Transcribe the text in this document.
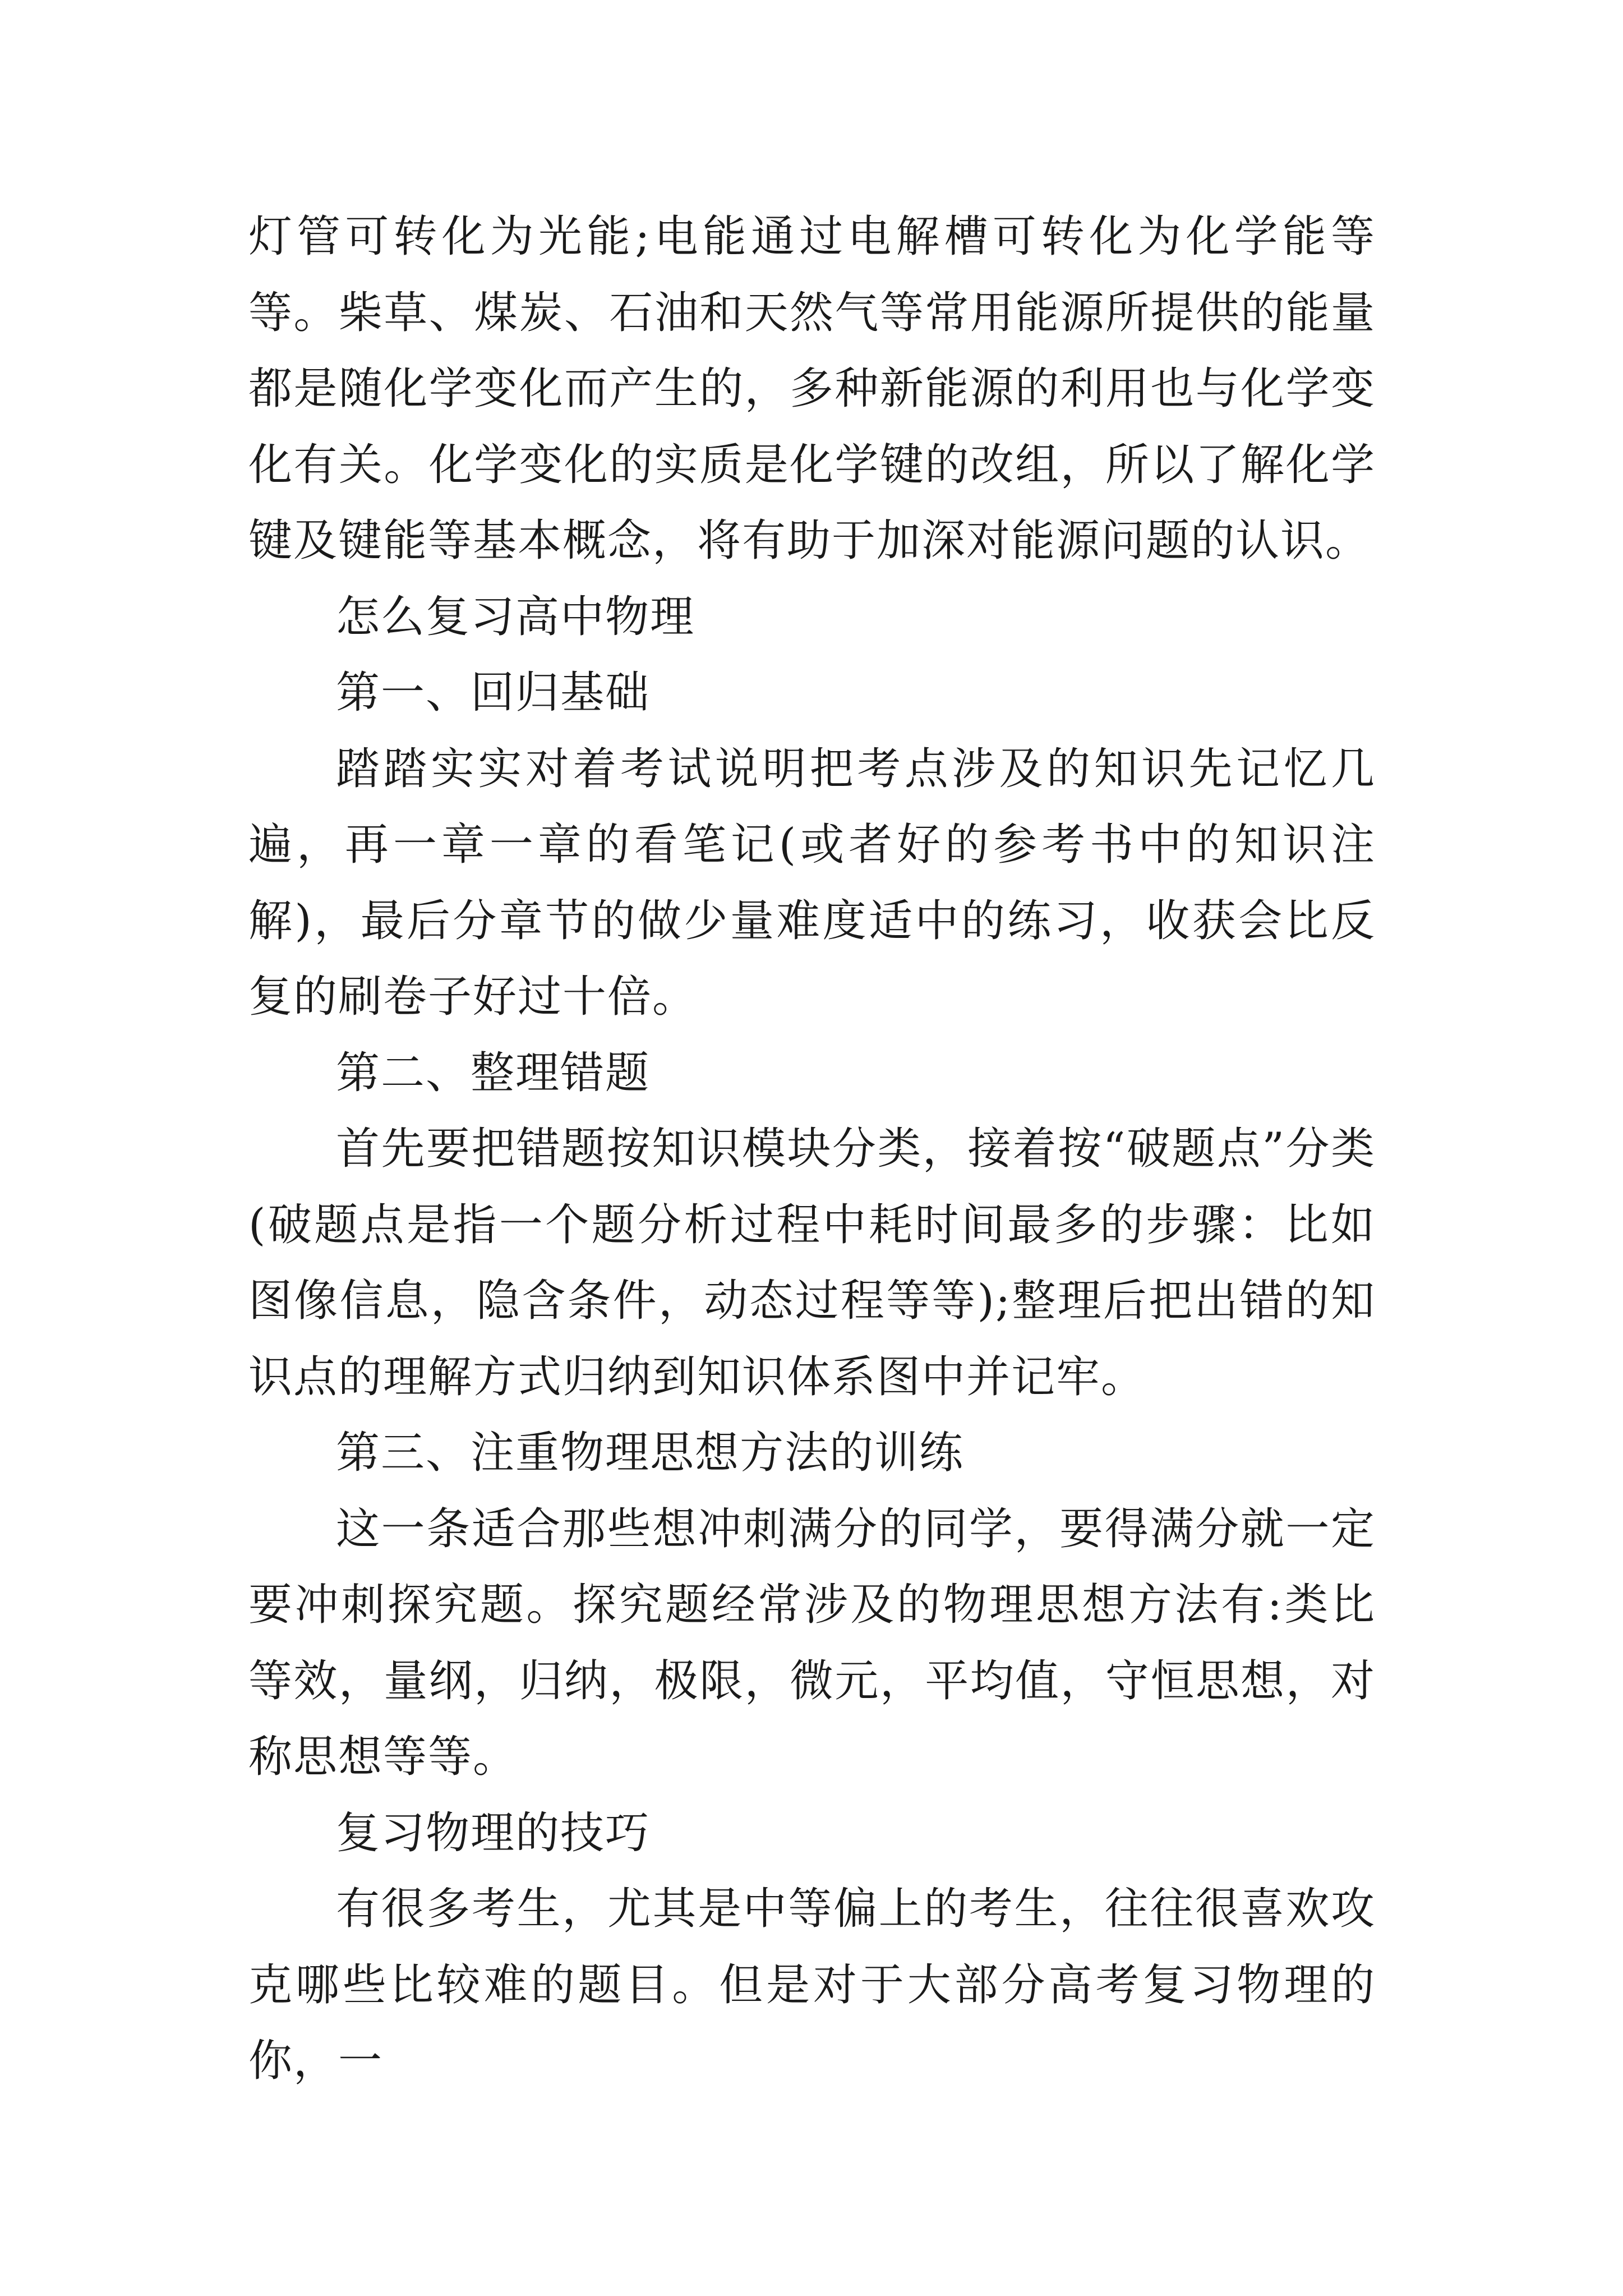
灯管可转化为光能;电能通过电解槽可转化为化学能等等。柴草、煤炭、石油和天然气等常用能源所提供的能量都是随化学变化而产生的，多种新能源的利用也与化学变化有关。化学变化的实质是化学键的改组，所以了解化学键及键能等基本概念，将有助于加深对能源问题的认识。

怎么复习高中物理

第一、回归基础

踏踏实实对着考试说明把考点涉及的知识先记忆几遍，再一章一章的看笔记(或者好的参考书中的知识注解)，最后分章节的做少量难度适中的练习，收获会比反复的刷卷子好过十倍。

第二、整理错题

首先要把错题按知识模块分类，接着按“破题点”分类(破题点是指一个题分析过程中耗时间最多的步骤：比如图像信息，隐含条件，动态过程等等);整理后把出错的知识点的理解方式归纳到知识体系图中并记牢。

第三、注重物理思想方法的训练

这一条适合那些想冲刺满分的同学，要得满分就一定要冲刺探究题。探究题经常涉及的物理思想方法有:类比等效，量纲，归纳，极限，微元，平均值，守恒思想，对称思想等等。

复习物理的技巧

有很多考生，尤其是中等偏上的考生，往往很喜欢攻克哪些比较难的题目。但是对于大部分高考复习物理的你，一
